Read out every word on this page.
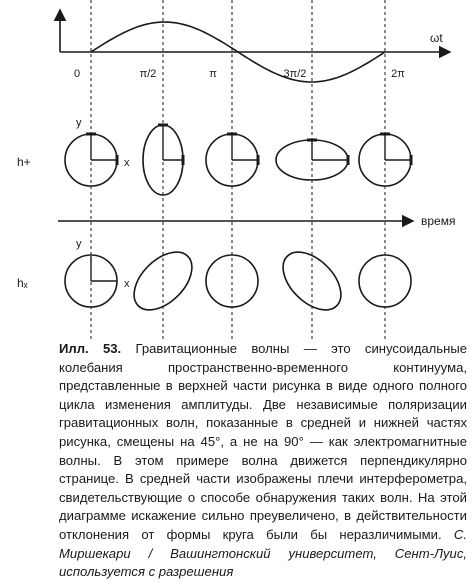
ωt
0	π/2	π	3π/2	2π
h+
y
x
время
hₓ
y
x

Илл. 53. Гравитационные волны — это синусоидальные колебания пространственно-временного континуума, представленные в верхней части рисунка в виде одного полного цикла изменения амплитуды. Две независимые поляризации гравитационных волн, показанные в средней и нижней частях рисунка, смещены на 45°, а не на 90° — как электромагнитные волны. В этом примере волна движется перпендикулярно странице. В средней части изображены плечи интерферометра, свидетельствующие о способе обнаружения таких волн. На этой диаграмме искажение сильно преувеличено, в действительности отклонения от формы круга были бы неразличимыми. С. Миршекари / Вашингтонский университет, Сент-Луис, используется с разрешения
